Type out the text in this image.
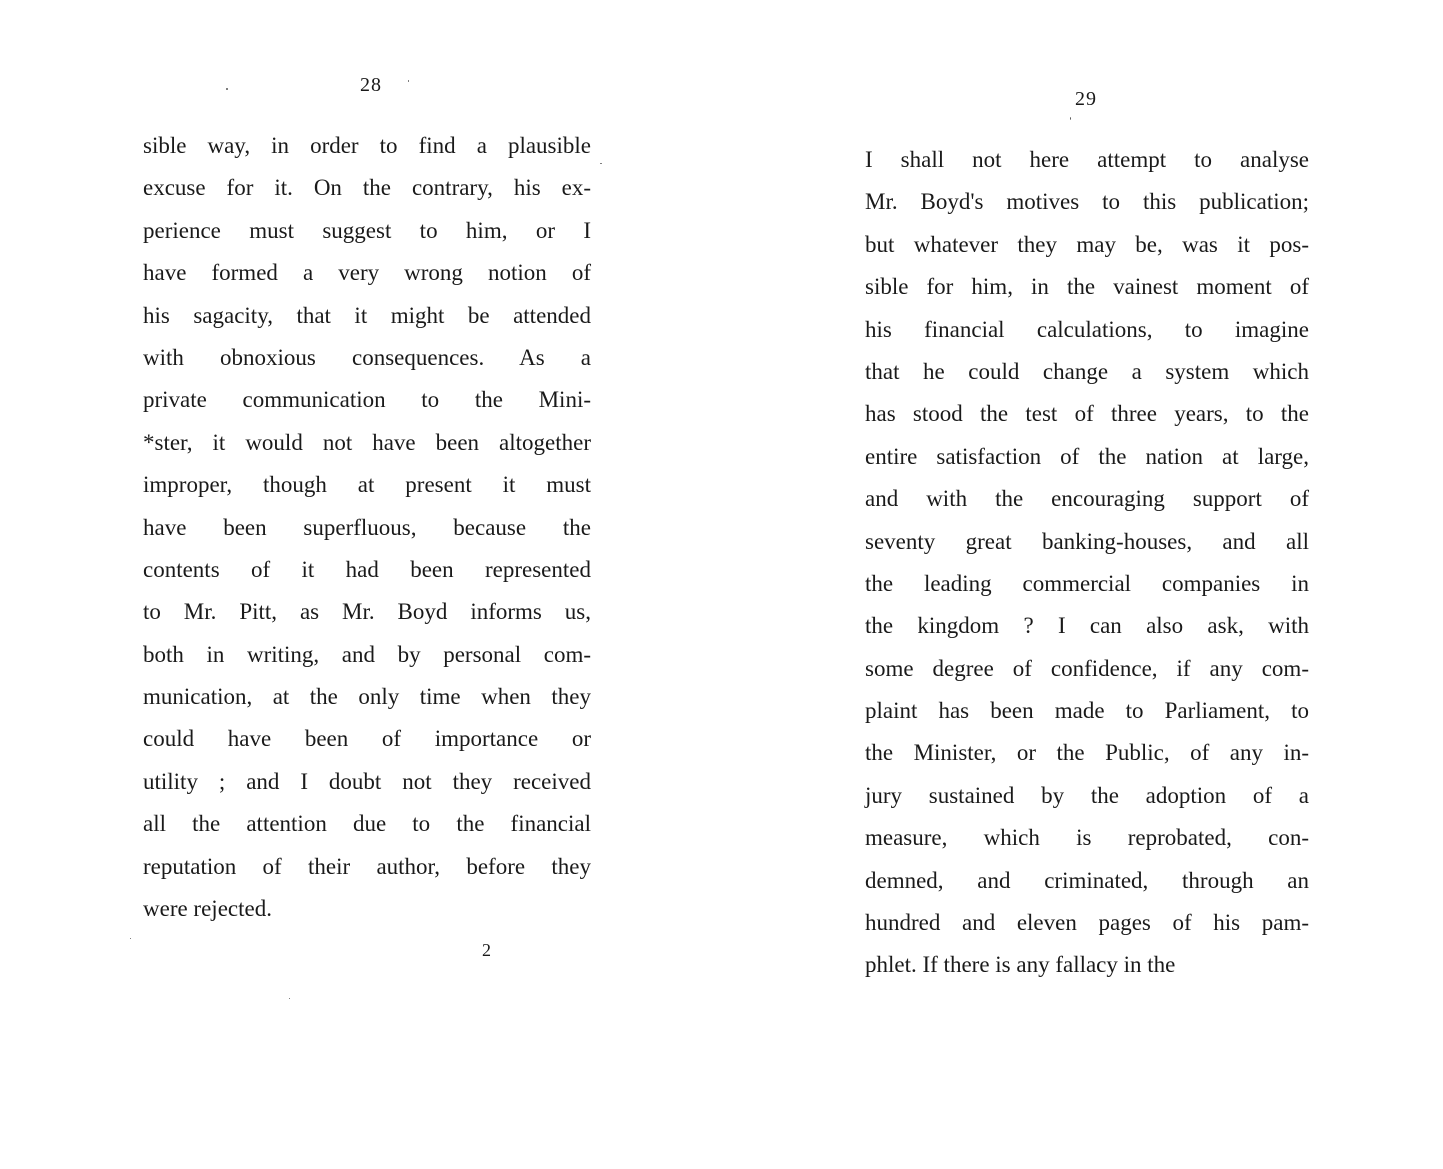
28
sible way, in order to find a plausible
excuse for it. On the contrary, his ex-
perience must suggest to him, or I
have formed a very wrong notion of
his sagacity, that it might be attended
with obnoxious consequences. As a
private communication to the Mini-
*ster, it would not have been altogether
improper, though at present it must
have been superfluous, because the
contents of it had been represented
to Mr. Pitt, as Mr. Boyd informs us,
both in writing, and by personal com-
munication, at the only time when they
could have been of importance or
utility ; and I doubt not they received
all the attention due to the financial
reputation of their author, before they
were rejected.
2
29
I shall not here attempt to analyse
Mr. Boyd's motives to this publication;
but whatever they may be, was it pos-
sible for him, in the vainest moment of
his financial calculations, to imagine
that he could change a system which
has stood the test of three years, to the
entire satisfaction of the nation at large,
and with the encouraging support of
seventy great banking-houses, and all
the leading commercial companies in
the kingdom ? I can also ask, with
some degree of confidence, if any com-
plaint has been made to Parliament, to
the Minister, or the Public, of any in-
jury sustained by the adoption of a
measure, which is reprobated, con-
demned, and criminated, through an
hundred and eleven pages of his pam-
phlet. If there is any fallacy in the
